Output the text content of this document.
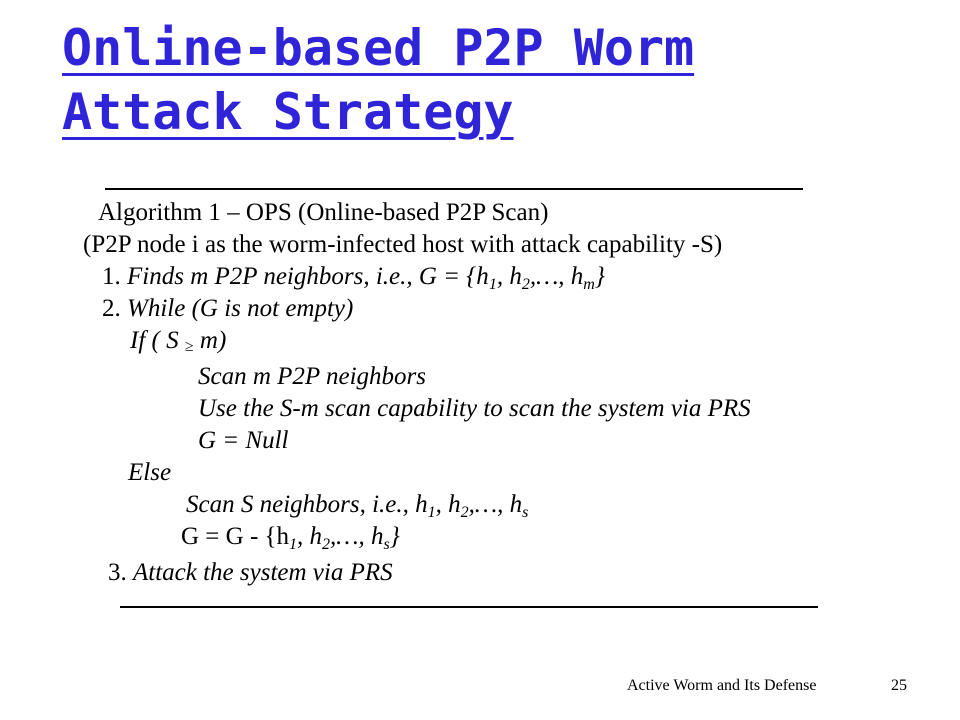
Online-based P2P Worm
Attack Strategy
Algorithm 1 – OPS (Online-based P2P Scan)
(P2P node i as the worm-infected host with attack capability -S)
1. Finds m P2P neighbors, i.e., $G = \{h_1$, $h_2,\dots$, $h_m$}
2. While (G is not empty)
If ( S ≥ m)
Scan m P2P neighbors
Use the S-m scan capability to scan the system via PRS
G = Null
Else
Scan S neighbors, i.e., $h_1$, $h_2,\dots$, $h_s$
$G = G - \{h_1$, $h_2,\dots$, $h_s$}
3. Attack the system via PRS
Active Worm and Its Defense	25
